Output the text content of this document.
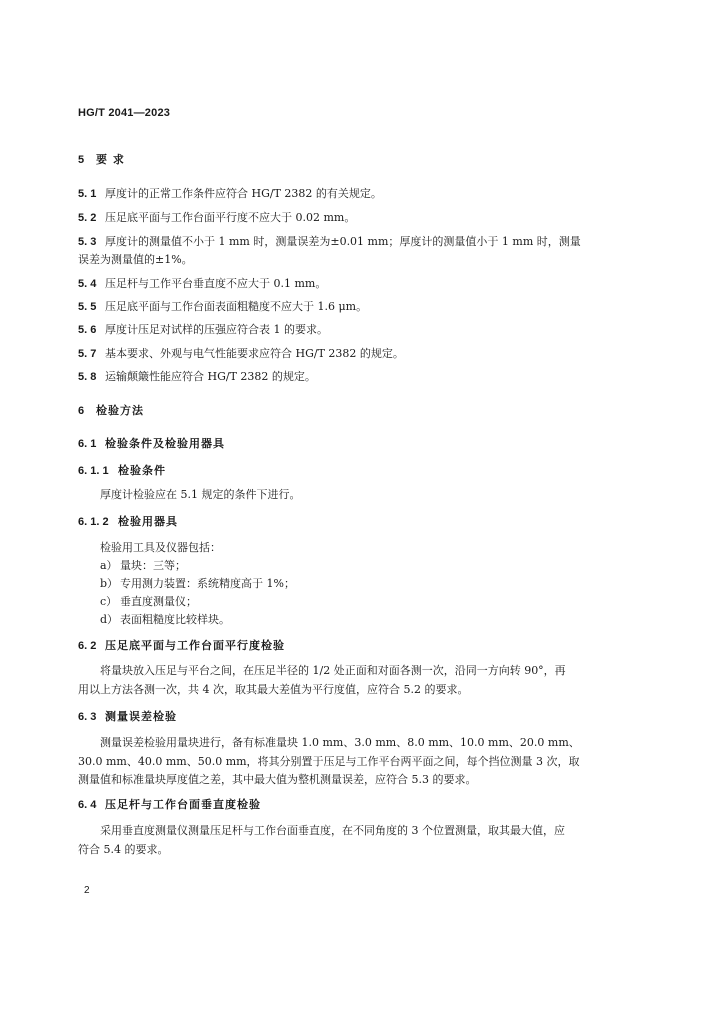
HG/T 2041—2023
5 要 求
5. 1 厚度计的正常工作条件应符合 HG/T 2382 的有关规定。
5. 2 压足底平面与工作台面平行度不应大于 0.02 mm。
5. 3 厚度计的测量值不小于 1 mm 时，测量误差为±0.01 mm；厚度计的测量值小于 1 mm 时，测量
误差为测量值的±1%。
5. 4 压足杆与工作平台垂直度不应大于 0.1 mm。
5. 5 压足底平面与工作台面表面粗糙度不应大于 1.6 μm。
5. 6 厚度计压足对试样的压强应符合表 1 的要求。
5. 7 基本要求、外观与电气性能要求应符合 HG/T 2382 的规定。
5. 8 运输颠簸性能应符合 HG/T 2382 的规定。
6 检验方法
6. 1 检验条件及检验用器具
6. 1. 1 检验条件
厚度计检验应在 5.1 规定的条件下进行。
6. 1. 2 检验用器具
检验用工具及仪器包括：
a） 量块：三等；
b） 专用测力装置：系统精度高于 1%；
c） 垂直度测量仪；
d） 表面粗糙度比较样块。
6. 2 压足底平面与工作台面平行度检验
将量块放入压足与平台之间，在压足半径的 1/2 处正面和对面各测一次，沿同一方向转 90°，再
用以上方法各测一次，共 4 次，取其最大差值为平行度值，应符合 5.2 的要求。
6. 3 测量误差检验
测量误差检验用量块进行，备有标准量块 1.0 mm、3.0 mm、8.0 mm、10.0 mm、20.0 mm、
30.0 mm、40.0 mm、50.0 mm，将其分别置于压足与工作平台两平面之间，每个挡位测量 3 次，取
测量值和标准量块厚度值之差，其中最大值为整机测量误差，应符合 5.3 的要求。
6. 4 压足杆与工作台面垂直度检验
采用垂直度测量仪测量压足杆与工作台面垂直度，在不同角度的 3 个位置测量，取其最大值，应
符合 5.4 的要求。
2
